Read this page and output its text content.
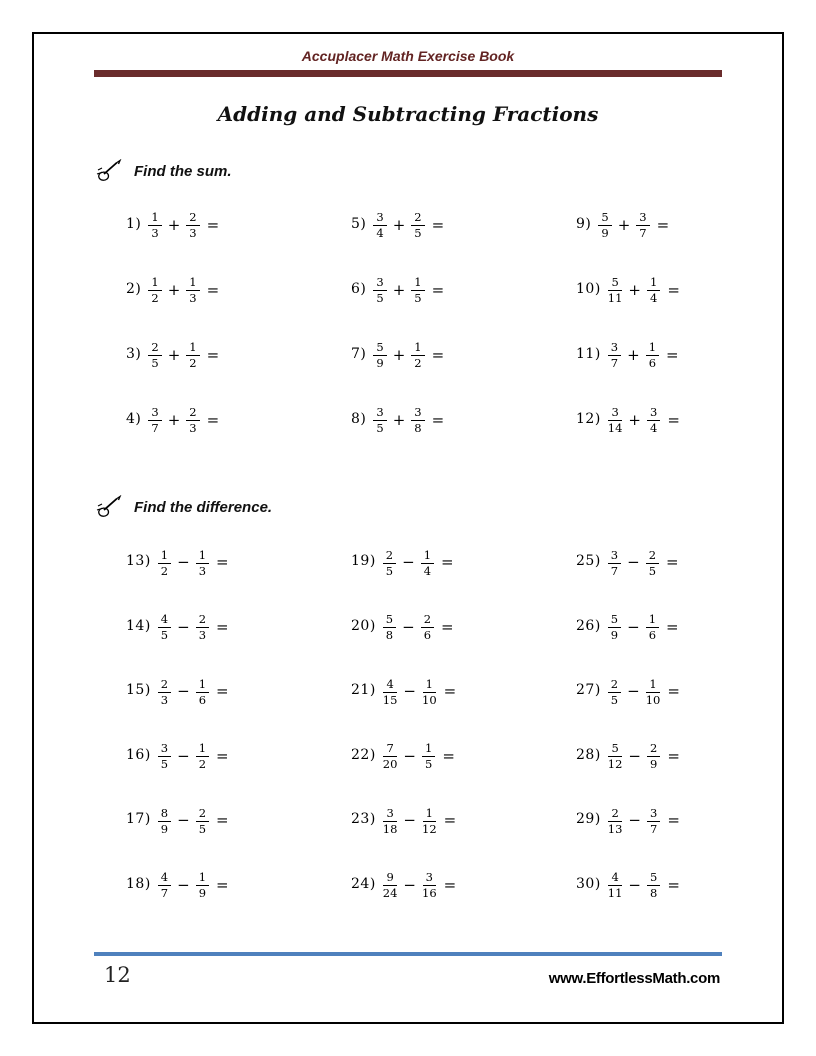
Accuplacer Math Exercise Book
Adding and Subtracting Fractions
Find the sum.
$1) \frac{1}{3} + \frac{2}{3}$ =
$2) \frac{1}{2} + \frac{1}{3}$ =
$3) \frac{2}{5} + \frac{1}{2}$ =
$4) \frac{3}{7} + \frac{2}{3}$ =
$5) \frac{3}{4} + \frac{2}{5}$ =
$6) \frac{3}{5} + \frac{1}{5}$ =
$7) \frac{5}{9} + \frac{1}{2}$ =
$8) \frac{3}{5} + \frac{3}{8}$ =
$9) \frac{5}{9} + \frac{3}{7}$ =
$10) \frac{5}{11} + \frac{1}{4}$ =
$11) \frac{3}{7} + \frac{1}{6}$ =
$12) \frac{3}{14} + \frac{3}{4}$ =
Find the difference.
$13) \frac{1}{2} - \frac{1}{3}$ =
$14) \frac{4}{5} - \frac{2}{3}$ =
$15) \frac{2}{3} - \frac{1}{6}$ =
$16) \frac{3}{5} - \frac{1}{2}$ =
$17) \frac{8}{9} - \frac{2}{5}$ =
$18) \frac{4}{7} - \frac{1}{9}$ =
$19) \frac{2}{5} - \frac{1}{4}$ =
$20) \frac{5}{8} - \frac{2}{6}$ =
$21) \frac{4}{15} - \frac{1}{10}$ =
$22) \frac{7}{20} - \frac{1}{5}$ =
$23) \frac{3}{18} - \frac{1}{12}$ =
$24) \frac{9}{24} - \frac{3}{16}$ =
$25) \frac{3}{7} - \frac{2}{5}$ =
$26) \frac{5}{9} - \frac{1}{6}$ =
$27) \frac{2}{5} - \frac{1}{10}$ =
$28) \frac{5}{12} - \frac{2}{9}$ =
$29) \frac{2}{13} - \frac{3}{7}$ =
$30) \frac{4}{11} - \frac{5}{8}$ =
12	www.EffortlessMath.com
